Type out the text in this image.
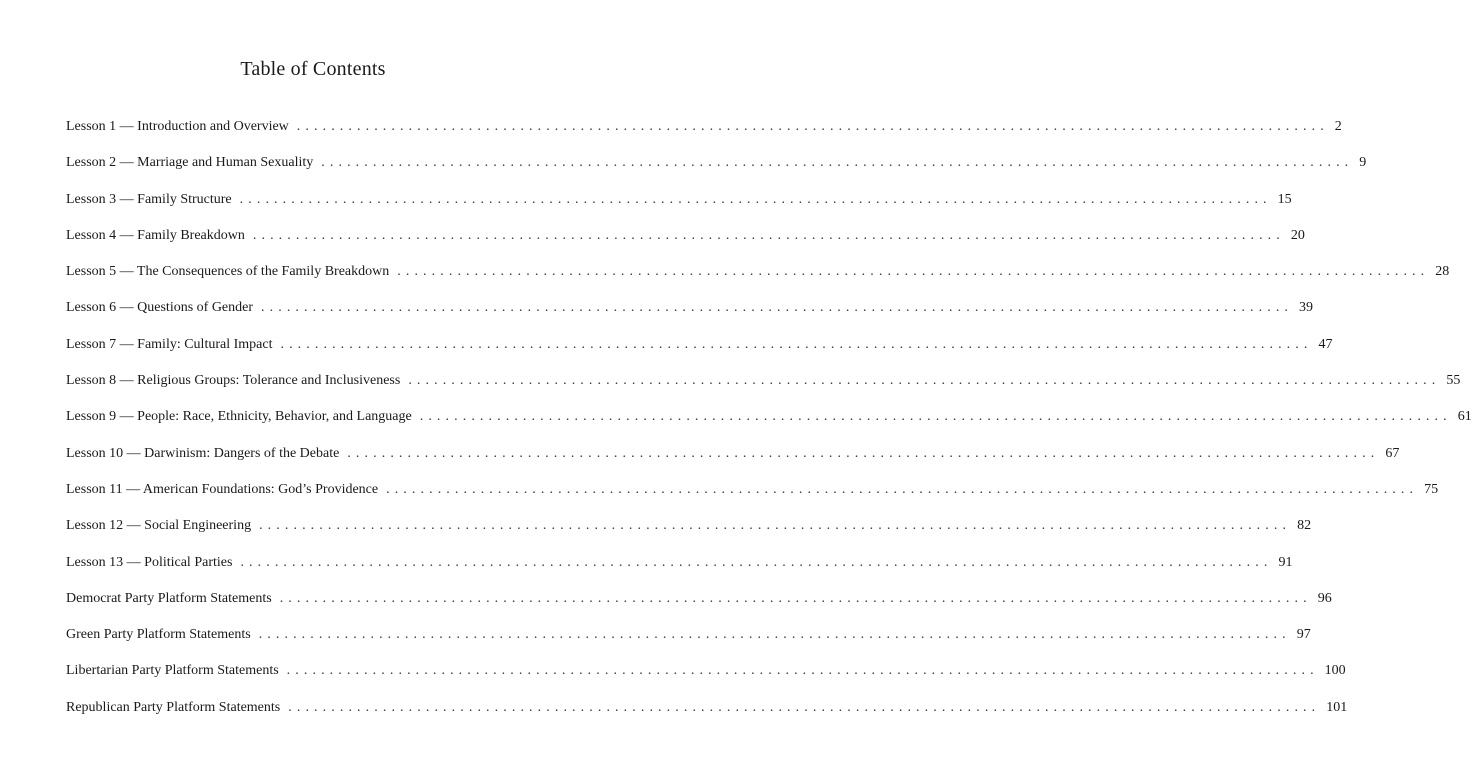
Table of Contents
Lesson 1 — Introduction and Overview ........................................................................................................................ 2
Lesson 2 — Marriage and Human Sexuality ........................................................................................................................ 9
Lesson 3 — Family Structure ........................................................................................................................ 15
Lesson 4 — Family Breakdown ........................................................................................................................ 20
Lesson 5 — The Consequences of the Family Breakdown ........................................................................................................................ 28
Lesson 6 — Questions of Gender ........................................................................................................................ 39
Lesson 7 — Family: Cultural Impact ........................................................................................................................ 47
Lesson 8 — Religious Groups: Tolerance and Inclusiveness ........................................................................................................................ 55
Lesson 9 — People: Race, Ethnicity, Behavior, and Language ........................................................................................................................ 61
Lesson 10 — Darwinism: Dangers of the Debate ........................................................................................................................ 67
Lesson 11 — American Foundations: God’s Providence ........................................................................................................................ 75
Lesson 12 — Social Engineering ........................................................................................................................ 82
Lesson 13 — Political Parties ........................................................................................................................ 91
Democrat Party Platform Statements ........................................................................................................................ 96
Green Party Platform Statements ........................................................................................................................ 97
Libertarian Party Platform Statements ........................................................................................................................ 100
Republican Party Platform Statements ........................................................................................................................ 101
